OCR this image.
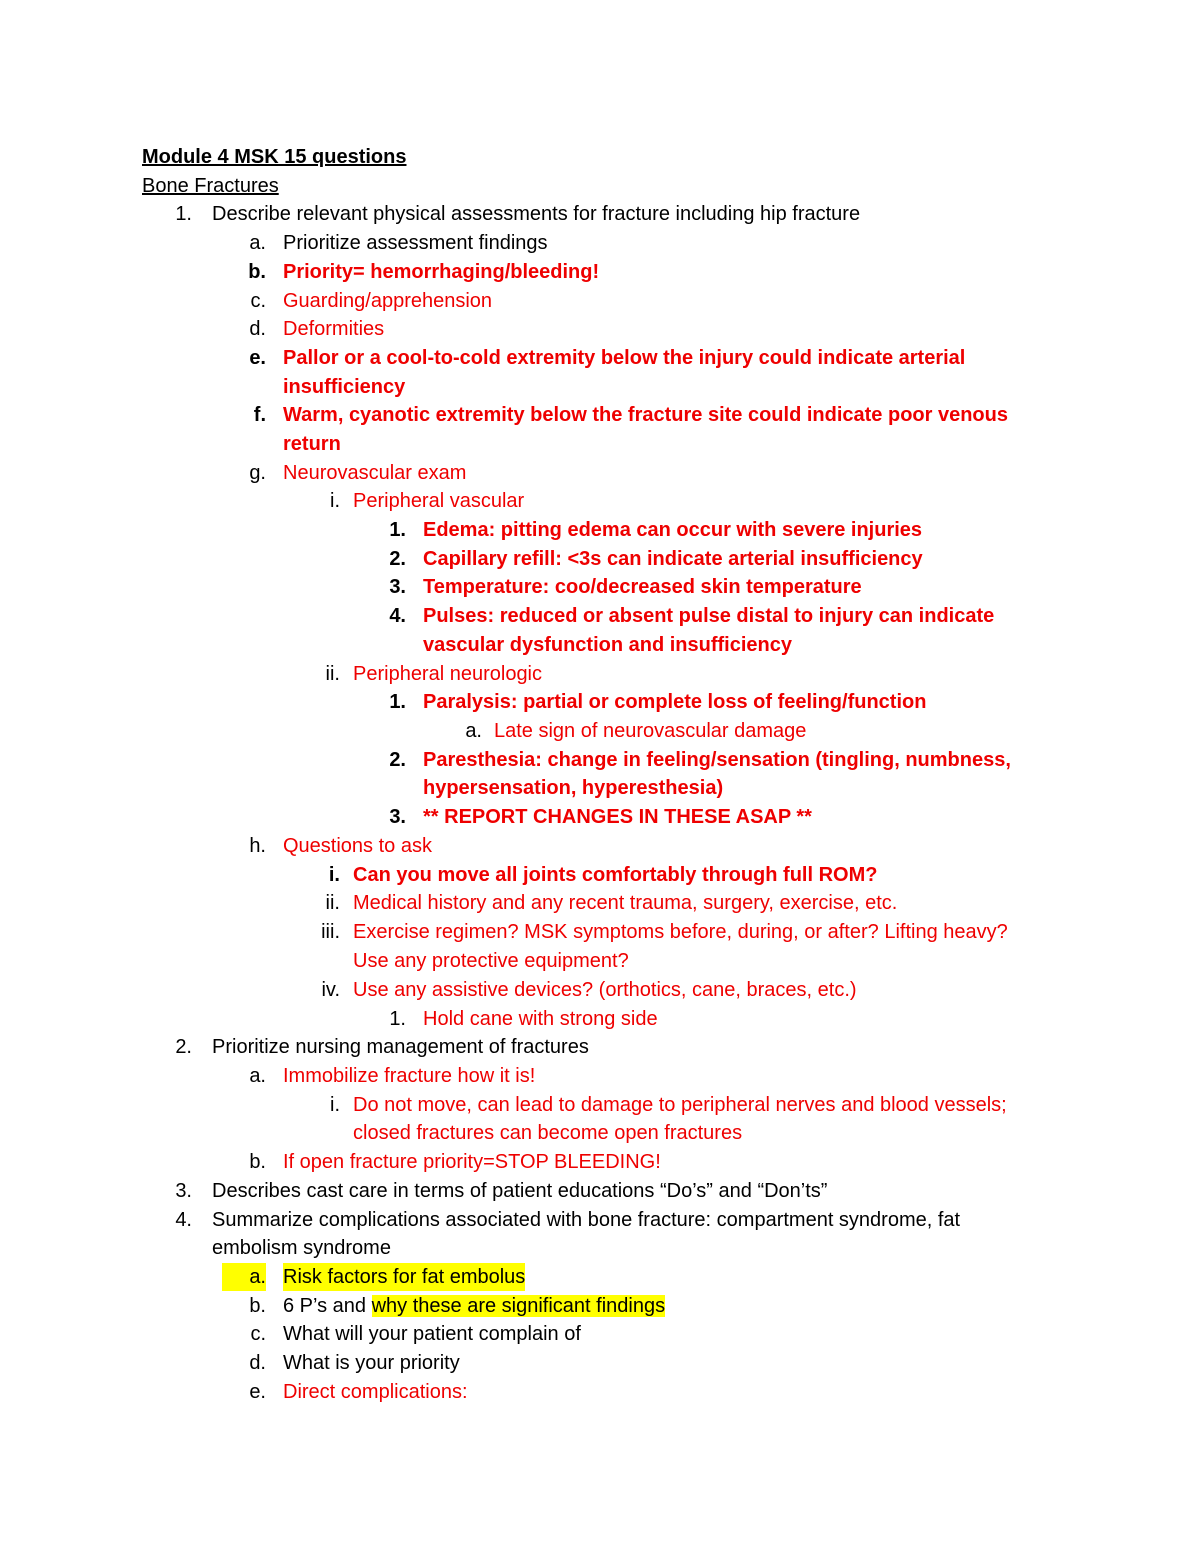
Module 4 MSK 15 questions
Bone Fractures
1. Describe relevant physical assessments for fracture including hip fracture
a. Prioritize assessment findings
b. Priority= hemorrhaging/bleeding!
c. Guarding/apprehension
d. Deformities
e. Pallor or a cool-to-cold extremity below the injury could indicate arterial
insufficiency
f. Warm, cyanotic extremity below the fracture site could indicate poor venous
return
g. Neurovascular exam
i. Peripheral vascular
1. Edema: pitting edema can occur with severe injuries
2. Capillary refill: <3s can indicate arterial insufficiency
3. Temperature: coo/decreased skin temperature
4. Pulses: reduced or absent pulse distal to injury can indicate
vascular dysfunction and insufficiency
ii. Peripheral neurologic
1. Paralysis: partial or complete loss of feeling/function
a. Late sign of neurovascular damage
2. Paresthesia: change in feeling/sensation (tingling, numbness,
hypersensation, hyperesthesia)
3. ** REPORT CHANGES IN THESE ASAP **
h. Questions to ask
i. Can you move all joints comfortably through full ROM?
ii. Medical history and any recent trauma, surgery, exercise, etc.
iii. Exercise regimen? MSK symptoms before, during, or after? Lifting heavy?
Use any protective equipment?
iv. Use any assistive devices? (orthotics, cane, braces, etc.)
1. Hold cane with strong side
2. Prioritize nursing management of fractures
a. Immobilize fracture how it is!
i. Do not move, can lead to damage to peripheral nerves and blood vessels;
closed fractures can become open fractures
b. If open fracture priority=STOP BLEEDING!
3. Describes cast care in terms of patient educations “Do’s” and “Don’ts”
4. Summarize complications associated with bone fracture: compartment syndrome, fat
embolism syndrome
a. Risk factors for fat embolus
b. 6 P’s and why these are significant findings
c. What will your patient complain of
d. What is your priority
e. Direct complications:
